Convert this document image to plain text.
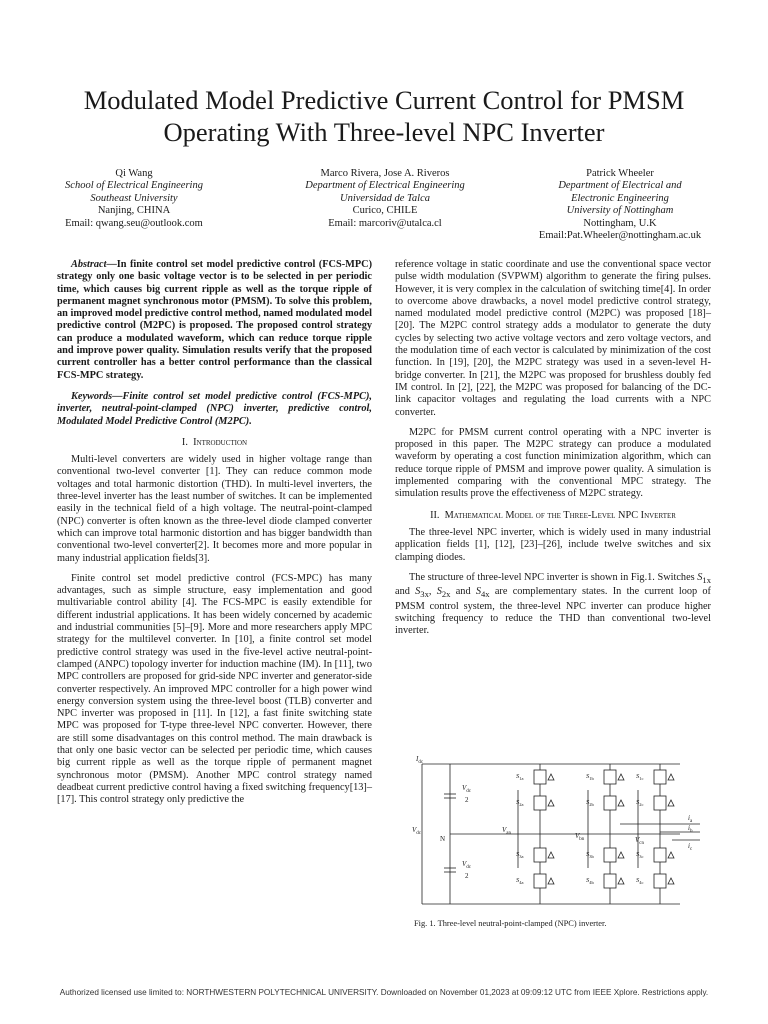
Modulated Model Predictive Current Control for PMSM Operating With Three-level NPC Inverter
Qi Wang
School of Electrical Engineering
Southeast University
Nanjing, CHINA
Email: qwang.seu@outlook.com
Marco Rivera, Jose A. Riveros
Department of Electrical Engineering
Universidad de Talca
Curico, CHILE
Email: marcoriv@utalca.cl
Patrick Wheeler
Department of Electrical and
Electronic Engineering
University of Nottingham
Nottingham, U.K
Email:Pat.Wheeler@nottingham.ac.uk

Abstract—In finite control set model predictive control (FCS-MPC) strategy only one basic voltage vector is to be selected in per periodic time, which causes big current ripple as well as the torque ripple of permanent magnet synchronous motor (PMSM). To solve this problem, an improved model predictive control method, named modulated model predictive control (M2PC) is proposed. The proposed control strategy can produce a modulated waveform, which can reduce torque ripple and improve power quality. Simulation results verify that the proposed current controller has a better control performance than the classical FCS-MPC strategy.

Keywords—Finite control set model predictive control (FCS-MPC), inverter, neutral-point-clamped (NPC) inverter, predictive control, Modulated Model Predictive Control (M2PC).

I. Introduction

Multi-level converters are widely used in higher voltage range than conventional two-level converter [1]. They can reduce common mode voltages and total harmonic distortion (THD). In multi-level inverters, the three-level inverter has the least number of switches. It can be implemented easily in the technical field of a high voltage. The neutral-point-clamped (NPC) converter is often known as the three-level diode clamped converter which can improve total harmonic distortion and has bigger bandwidth than conventional two-level converter[2]. It becomes more and more popular in many industrial application fields[3].

Finite control set model predictive control (FCS-MPC) has many advantages, such as simple structure, easy implementation and good multivariable control ability [4]. The FCS-MPC is easily extendible for different industrial applications. It has been widely concerned by academic and industrial communities [5]–[9]. More and more researchers apply MPC strategy for the multilevel converter. In [10], a finite control set model predictive control strategy was used in the five-level active neutral-point-clamped (ANPC) topology inverter for induction machine (IM). In [11], two MPC controllers are proposed for grid-side NPC inverter and generator-side converter respectively. An improved MPC controller for a high power wind energy conversion system using the three-level boost (TLB) converter and NPC inverter was proposed in [11]. In [12], a fast finite switching state MPC was proposed for T-type three-level NPC converter. However, there are still some disadvantages on this control method. The main drawback is that only one basic vector can be selected per periodic time, which causes big current ripple as well as the torque ripple of permanent magnet synchronous motor (PMSM). Another MPC control strategy named deadbeat current predictive control having a fixed switching frequency[13]–[17]. This control strategy only predictive the

reference voltage in static coordinate and use the conventional space vector pulse width modulation (SVPWM) algorithm to generate the firing pulses. However, it is very complex in the calculation of switching time[4]. In order to overcome above drawbacks, a novel model predictive control strategy, named modulated model predictive control (M2PC) was proposed [18]–[20]. The M2PC control strategy adds a modulator to generate the duty cycles by selecting two active voltage vectors and zero voltage vectors, and the modulation time of each vector is calculated by minimization of the cost function. In [19], [20], the M2PC strategy was used in a seven-level H-bridge converter. In [21], the M2PC was proposed for brushless doubly fed IM control. In [2], [22], the M2PC was proposed for balancing of the DC-link capacitor voltages and regulating the load currents with a NPC converter.

M2PC for PMSM current control operating with a NPC inverter is proposed in this paper. The M2PC strategy can produce a modulated waveform by operating a cost function minimization algorithm, which can reduce torque ripple of PMSM and improve power quality. A simulation is implemented comparing with the conventional MPC strategy. The simulation results prove the effectiveness of M2PC strategy.

II. Mathematical Model of the Three-Level NPC Inverter

The three-level NPC inverter, which is widely used in many industrial application fields [1], [12], [23]–[26], include twelve switches and six clamping diodes.

The structure of three-level NPC inverter is shown in Fig.1. Switches $S_{1x}$ and $S_{3x}$, $S_{2x}$ and $S_{4x}$ are complementary states. In the current loop of PMSM control system, the three-level NPC inverter can produce higher switching frequency to reduce the THD than conventional two-level inverter.

$I_{dc}$
$V_{dc}$
$V_{dc}$
2
$V_{dc}$
2
N
$V_{an}$	$V_{bn}$	$V_{cn}$
$i_a$
$i_b$
$i_c$
$S_{1a}$
$S_{2a}$
$S_{3a}$
$S_{4a}$
$S_{1b}$
$S_{2b}$
$S_{3b}$
$S_{4b}$
$S_{1c}$
$S_{2c}$
$S_{3c}$
$S_{4c}$
Fig. 1. Three-level neutral-point-clamped (NPC) inverter.
Authorized licensed use limited to: NORTHWESTERN POLYTECHNICAL UNIVERSITY. Downloaded on November 01,2023 at 09:09:12 UTC from IEEE Xplore. Restrictions apply.
